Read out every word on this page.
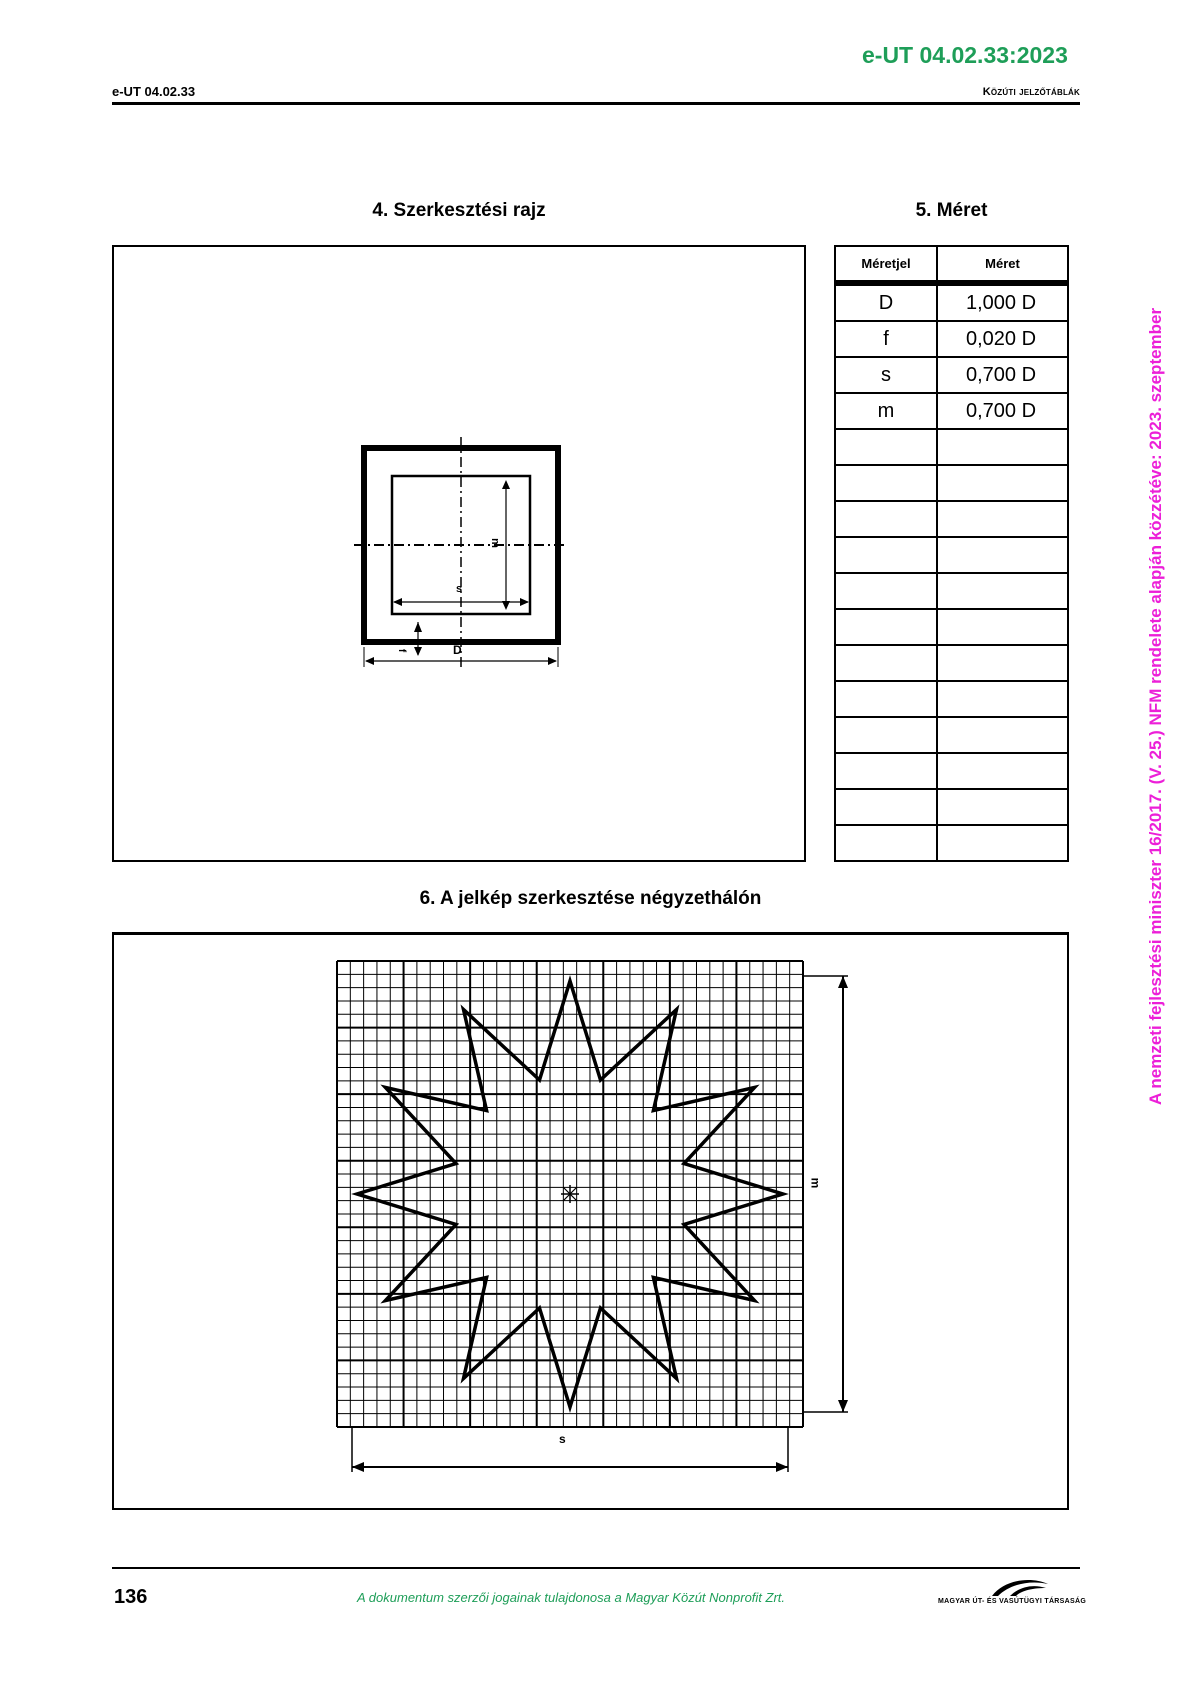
e-UT 04.02.33:2023
e-UT 04.02.33	Közúti jelzőtáblák
4. Szerkesztési rajz	5. Méret
m
s
f	D
Méretjel	Méret
D	1,000 D
f	0,020 D
s	0,700 D
m	0,700 D

6. A jelkép szerkesztése négyzethálón
m
s
A nemzeti fejlesztési miniszter 16/2017. (V. 25.) NFM rendelete alapján közzétéve: 2023. szeptember
136	A dokumentum szerzői jogainak tulajdonosa a Magyar Közút Nonprofit Zrt.	MAGYAR ÚT- ÉS VASÚTÜGYI TÁRSASÁG
